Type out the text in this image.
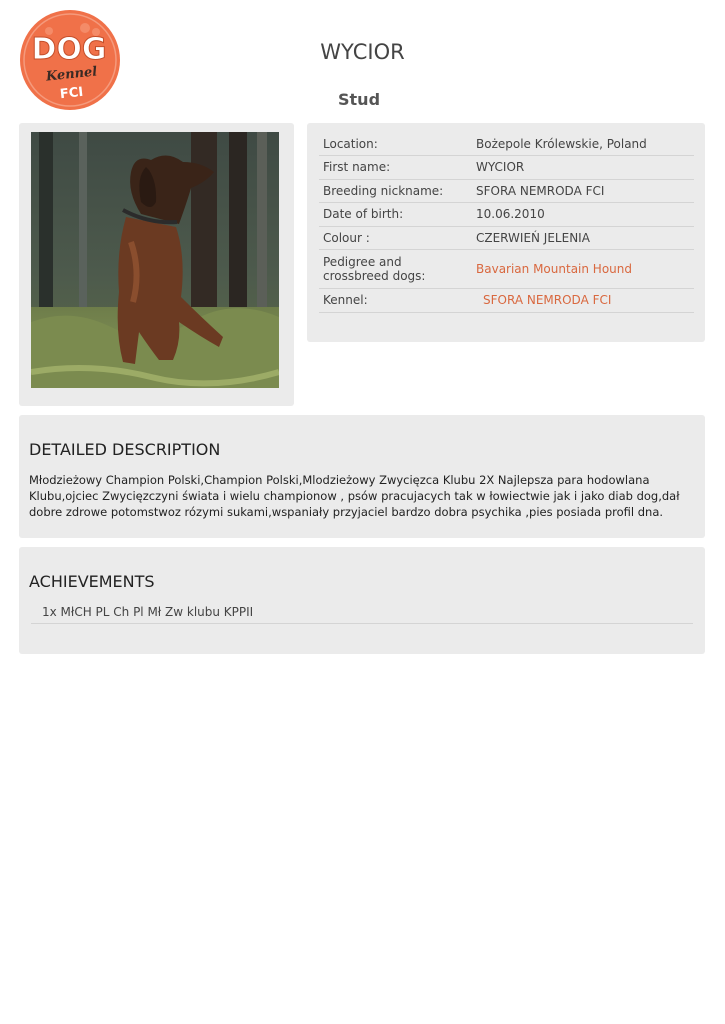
DOG
Kennel
FCI
WYCIOR
Stud
Location:	Bożepole Królewskie, Poland
First name:	WYCIOR
Breeding nickname:	SFORA NEMRODA FCI
Date of birth:	10.06.2010
Colour :	CZERWIEŃ JELENIA
Pedigree and crossbreed dogs:	Bavarian Mountain Hound
Kennel:	SFORA NEMRODA FCI
DETAILED DESCRIPTION

Młodzieżowy Champion Polski,Champion Polski,Mlodzieżowy Zwycięzca Klubu 2X Najlepsza para hodowlana Klubu,ojciec Zwycięzczyni świata i wielu championow , psów pracujacych tak w łowiectwie jak i jako diab dog,dał dobre zdrowe potomstwoz rózymi sukami,wspaniały przyjaciel bardzo dobra psychika ,pies posiada profil dna.

ACHIEVEMENTS
1x MłCH PL Ch Pl Mł Zw klubu KPPII
